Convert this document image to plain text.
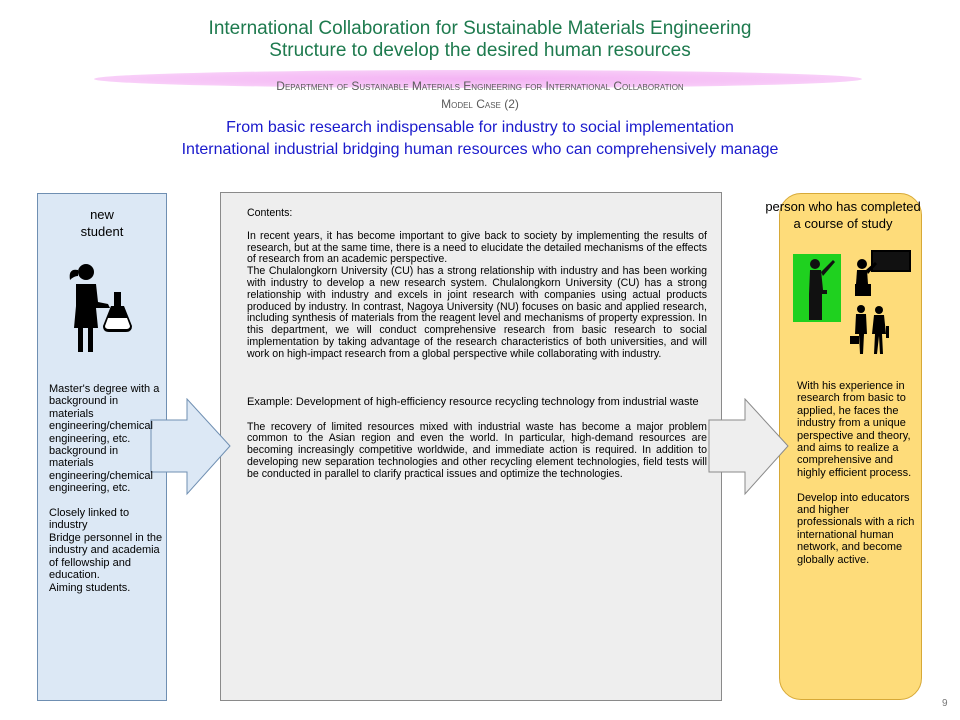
International Collaboration for Sustainable Materials Engineering
Structure to develop the desired human resources
Department of Sustainable Materials Engineering for International Collaboration
Model Case (2)
From basic research indispensable for industry to social implementation
International industrial bridging human resources who can comprehensively manage
new
student
Master's degree with a background in materials engineering/chemical engineering, etc.
background in materials engineering/chemical engineering, etc.

Closely linked to industry
Bridge personnel in the industry and academia of fellowship and education.
Aiming students.

Contents:

In recent years, it has become important to give back to society by implementing the results of research, but at the same time, there is a need to elucidate the detailed mechanisms of the effects of research from an academic perspective.
The Chulalongkorn University (CU) has a strong relationship with industry and has been working with industry to develop a new research system. Chulalongkorn University (CU) has a strong relationship with industry and excels in joint research with companies using actual products produced by industry. In contrast, Nagoya University (NU) focuses on basic and applied research, including synthesis of materials from the reagent level and mechanisms of property expression. In this department, we will conduct comprehensive research from basic research to social implementation by taking advantage of the research characteristics of both universities, and will work on high-impact research from a global perspective while collaborating with industry.

Example: Development of high-efficiency resource recycling technology from industrial waste

The recovery of limited resources mixed with industrial waste has become a major problem common to the Asian region and even the world. In particular, high-demand resources are becoming increasingly competitive worldwide, and immediate action is required. In addition to developing new separation technologies and other recycling element technologies, field tests will be conducted in parallel to clarify practical issues and optimize the technologies.

person who has completed
a course of study
With his experience in research from basic to applied, he faces the industry from a unique perspective and theory, and aims to realize a comprehensive and highly efficient process.

Develop into educators and higher professionals with a rich international human network, and become globally active.
9
